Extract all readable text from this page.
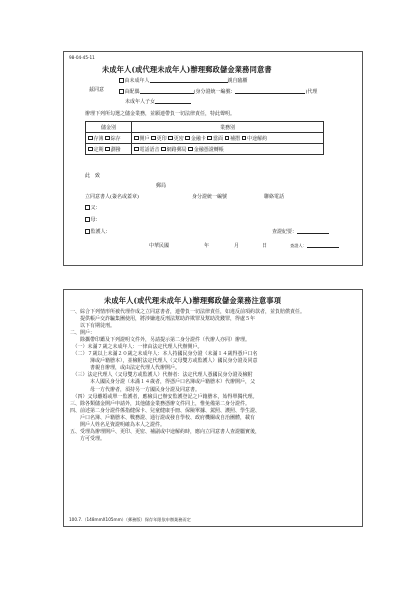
98-04-45-11
未成年人(或代理未成年人)辦理郵政儲金業務同意書
茲同意
由未成年人	親自臨櫃
由配偶	(身分證統一編號：	)代理
未成年人子女
辦理下列所勾選之儲金業務，並願連帶負一切法律責任，特此聲明。
儲金別	業務別
存簿 綜存	開戶 更印 更密 金融卡 當面 補摺 中途解約
定期 劃撥	電話語音 網路郵局 金融憑證轉帳
此　致
郵局
立同意書人(簽名或蓋章)	身分證統一編號	聯絡電話
父：
母：
監護人：	查證紀要：
中華民國	年	月	日	查證人：
未成年人(或代理未成年人)辦理郵政儲金業務注意事項
一、綜合下列情形所被代理作成之立同意書者，連帶負一切法律責任，如違反前項約款者，並負賠償責任。
　　提供帳戶交詐騙集團使用，將涉嫌違反刑法幫助詐欺罪及幫助洗錢罪，得處５年
　　以下有期徒刑。
二、開戶：
　　除攜帶印鑑及下列證明文件外，另請提示第二身分證件（代辦人亦同）辦理。
　（一）未滿７歲之未成年人：一律由法定代理人代辦開戶。
　（二）７歲以上未滿２０歲之未成年人：本人持國民身分證（未滿１４歲得憑戶口名
　　　　簿或戶籍謄本），並檢附法定代理人（父母雙方或監護人）國民身分證及同意
　　　　書親自辦理，或由法定代理人代辦開戶。
　（三）法定代理人（父母雙方或監護人）代辦者：法定代理人憑國民身分證及檢附
　　　　本人國民身分證（未滿１４歲者，得憑戶口名簿或戶籍謄本）代辦開戶，父
　　　　母一方代辦者，須持另一方國民身分證及同意書。
　（四）父母離婚或單一監護者，應檢具已辦安監護登記之戶籍謄本，始得單獨代理。
三、除各類儲金開戶申請外，其他儲金業務憑辦文件同上，惟免備第二身分證件。
四、前述第二身分證件係指健保卡、兒童健康手冊、保險單據、駕照、護照、學生證、
　　戶口名簿、戶籍謄本、戰務證、通行證或發自學校、政府機關或自治團體，載有
　　開戶人姓名足資證明確為本人之證件。
五、受理為辦理開戶、更印、更密、補副或中途解約時，應向立同意書人查證屬實後，
　　方可受理。
100.7.（148mmX105mm）（郵務版）保存年限依申辦業務而定
